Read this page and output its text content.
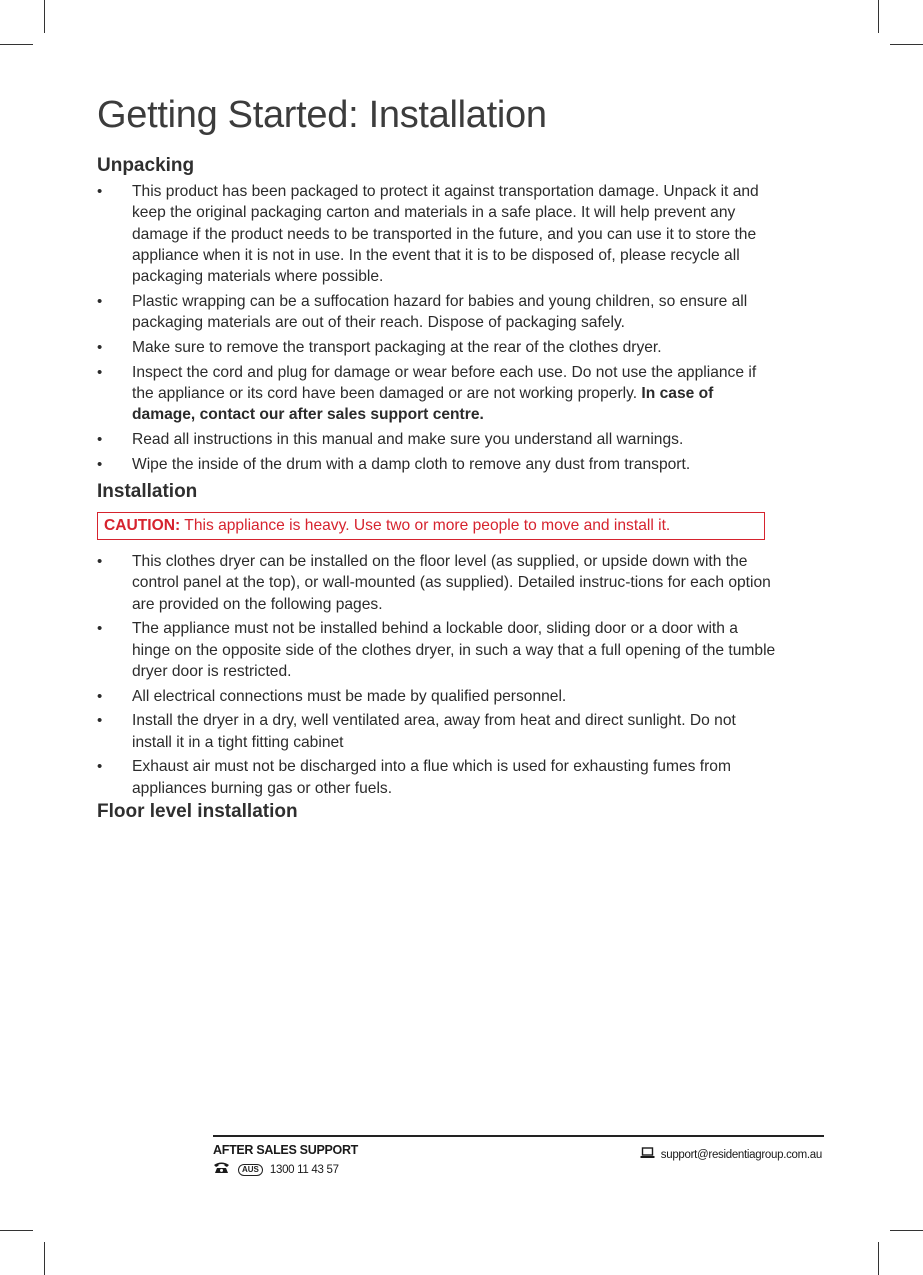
Getting Started: Installation
Unpacking
• This product has been packaged to protect it against transportation damage. Unpack it and keep the original packaging carton and materials in a safe place. It will help prevent any damage if the product needs to be transported in the future, and you can use it to store the appliance when it is not in use. In the event that it is to be disposed of, please recycle all packaging materials where possible.
• Plastic wrapping can be a suffocation hazard for babies and young children, so ensure all packaging materials are out of their reach. Dispose of packaging safely.
• Make sure to remove the transport packaging at the rear of the clothes dryer.
• Inspect the cord and plug for damage or wear before each use. Do not use the appliance if the appliance or its cord have been damaged or are not working properly. In case of damage, contact our after sales support centre.
• Read all instructions in this manual and make sure you understand all warnings.
• Wipe the inside of the drum with a damp cloth to remove any dust from transport.
Installation
CAUTION: This appliance is heavy. Use two or more people to move and install it.
• This clothes dryer can be installed on the floor level (as supplied, or upside down with the control panel at the top), or wall-mounted (as supplied). Detailed instruc-tions for each option are provided on the following pages.
• The appliance must not be installed behind a lockable door, sliding door or a door with a hinge on the opposite side of the clothes dryer, in such a way that a full opening of the tumble dryer door is restricted.
• All electrical connections must be made by qualified personnel.
• Install the dryer in a dry, well ventilated area, away from heat and direct sunlight. Do not install it in a tight fitting cabinet
• Exhaust air must not be discharged into a flue which is used for exhausting fumes from appliances burning gas or other fuels.
Floor level installation
AFTER SALES SUPPORT
AUS 1300 11 43 57
support@residentiagroup.com.au
